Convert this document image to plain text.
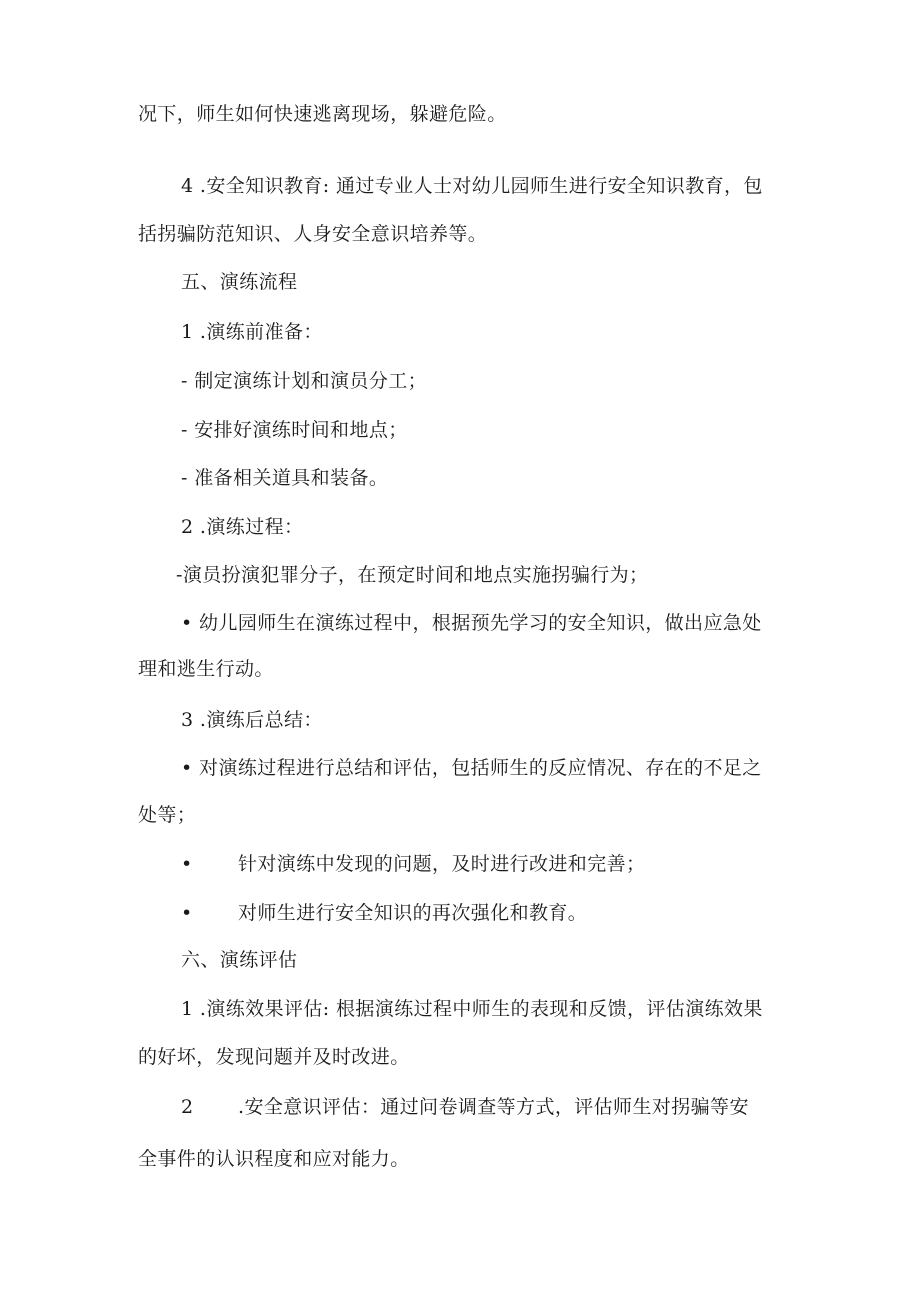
况下，师生如何快速逃离现场，躲避危险。
4 .安全知识教育: 通过专业人士对幼儿园师生进行安全知识教育，包
括拐骗防范知识、人身安全意识培养等。
五、演练流程
1 .演练前准备：
- 制定演练计划和演员分工；
- 安排好演练时间和地点；
- 准备相关道具和装备。
2 .演练过程：
-演员扮演犯罪分子，在预定时间和地点实施拐骗行为；
• 幼儿园师生在演练过程中，根据预先学习的安全知识，做出应急处
理和逃生行动。
3 .演练后总结：
• 对演练过程进行总结和评估，包括师生的反应情况、存在的不足之
处等；
• 针对演练中发现的问题，及时进行改进和完善；
• 对师生进行安全知识的再次强化和教育。
六、演练评估
1 .演练效果评估: 根据演练过程中师生的表现和反馈，评估演练效果
的好坏，发现问题并及时改进。
2 .安全意识评估：通过问卷调查等方式，评估师生对拐骗等安
全事件的认识程度和应对能力。
